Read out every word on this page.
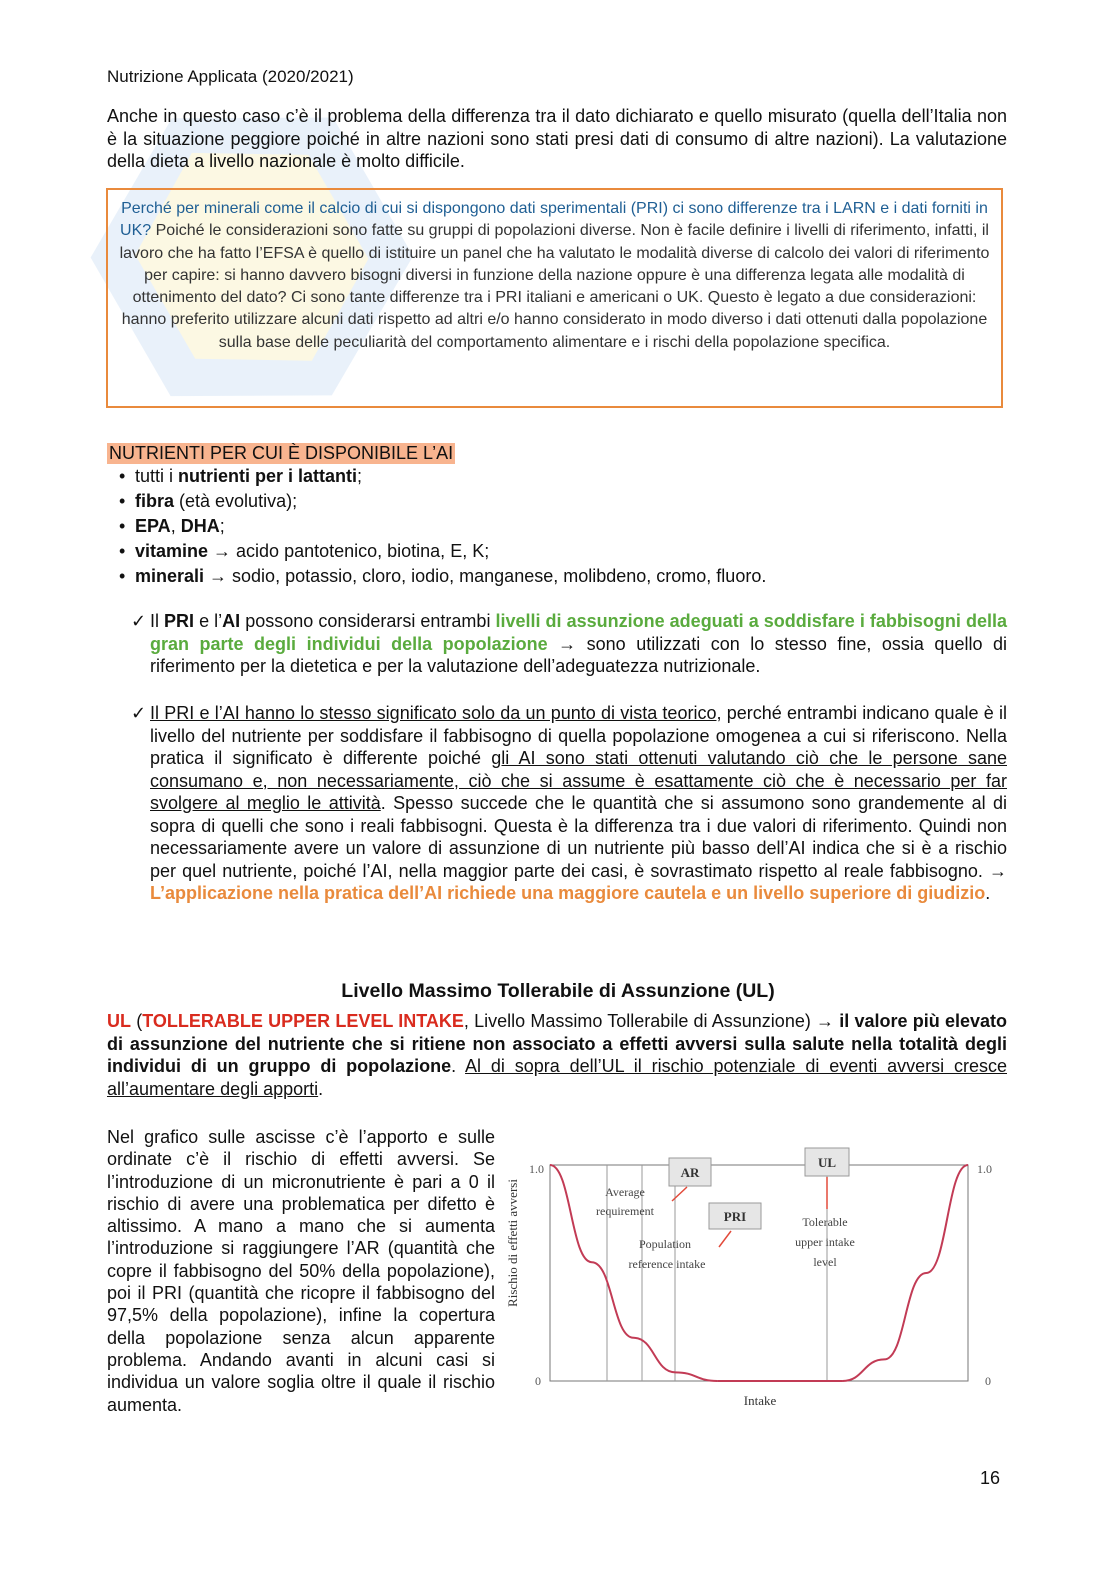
Nutrizione Applicata (2020/2021)
Anche in questo caso c’è il problema della differenza tra il dato dichiarato e quello misurato (quella dell’Italia non è la situazione peggiore poiché in altre nazioni sono stati presi dati di consumo di altre nazioni). La valutazione della dieta a livello nazionale è molto difficile.
Perché per minerali come il calcio di cui si dispongono dati sperimentali (PRI) ci sono differenze tra i LARN e i dati forniti in UK? Poiché le considerazioni sono fatte su gruppi di popolazioni diverse. Non è facile definire i livelli di riferimento, infatti, il lavoro che ha fatto l’EFSA è quello di istituire un panel che ha valutato le modalità diverse di calcolo dei valori di riferimento per capire: si hanno davvero bisogni diversi in funzione della nazione oppure è una differenza legata alle modalità di ottenimento del dato? Ci sono tante differenze tra i PRI italiani e americani o UK. Questo è legato a due considerazioni: hanno preferito utilizzare alcuni dati rispetto ad altri e/o hanno considerato in modo diverso i dati ottenuti dalla popolazione sulla base delle peculiarità del comportamento alimentare e i rischi della popolazione specifica.
NUTRIENTI PER CUI È DISPONIBILE L’AI
• tutti i nutrienti per i lattanti;
• fibra (età evolutiva);
• EPA, DHA;
• vitamine → acido pantotenico, biotina, E, K;
• minerali → sodio, potassio, cloro, iodio, manganese, molibdeno, cromo, fluoro.
✓ Il PRI e l’AI possono considerarsi entrambi livelli di assunzione adeguati a soddisfare i fabbisogni della gran parte degli individui della popolazione → sono utilizzati con lo stesso fine, ossia quello di riferimento per la dietetica e per la valutazione dell’adeguatezza nutrizionale.
✓ Il PRI e l’AI hanno lo stesso significato solo da un punto di vista teorico, perché entrambi indicano quale è il livello del nutriente per soddisfare il fabbisogno di quella popolazione omogenea a cui si riferiscono. Nella pratica il significato è differente poiché gli AI sono stati ottenuti valutando ciò che le persone sane consumano e, non necessariamente, ciò che si assume è esattamente ciò che è necessario per far svolgere al meglio le attività. Spesso succede che le quantità che si assumono sono grandemente al di sopra di quelli che sono i reali fabbisogni. Questa è la differenza tra i due valori di riferimento. Quindi non necessariamente avere un valore di assunzione di un nutriente più basso dell’AI indica che si è a rischio per quel nutriente, poiché l’AI, nella maggior parte dei casi, è sovrastimato rispetto al reale fabbisogno. → L’applicazione nella pratica dell’AI richiede una maggiore cautela e un livello superiore di giudizio.
Livello Massimo Tollerabile di Assunzione (UL)
UL (TOLLERABLE UPPER LEVEL INTAKE, Livello Massimo Tollerabile di Assunzione) → il valore più elevato di assunzione del nutriente che si ritiene non associato a effetti avversi sulla salute nella totalità degli individui di un gruppo di popolazione. Al di sopra dell’UL il rischio potenziale di eventi avversi cresce all’aumentare degli apporti.
Nel grafico sulle ascisse c’è l’apporto e sulle ordinate c’è il rischio di effetti avversi. Se l’introduzione di un micronutriente è pari a 0 il rischio di avere una problematica per difetto è altissimo. A mano a mano che si aumenta l’introduzione si raggiungere l’AR (quantità che copre il fabbisogno del 50% della popolazione), poi il PRI (quantità che ricopre il fabbisogno del 97,5% della popolazione), infine la copertura della popolazione senza alcun apparente problema. Andando avanti in alcuni casi si individua un valore soglia oltre il quale il rischio aumenta.
Rischio di effetti avversi
Intake
1.0
0
1.0
0
AR
Average
requirement	PRI
Population
reference intake
UL
Tolerable
upper intake
level
16
